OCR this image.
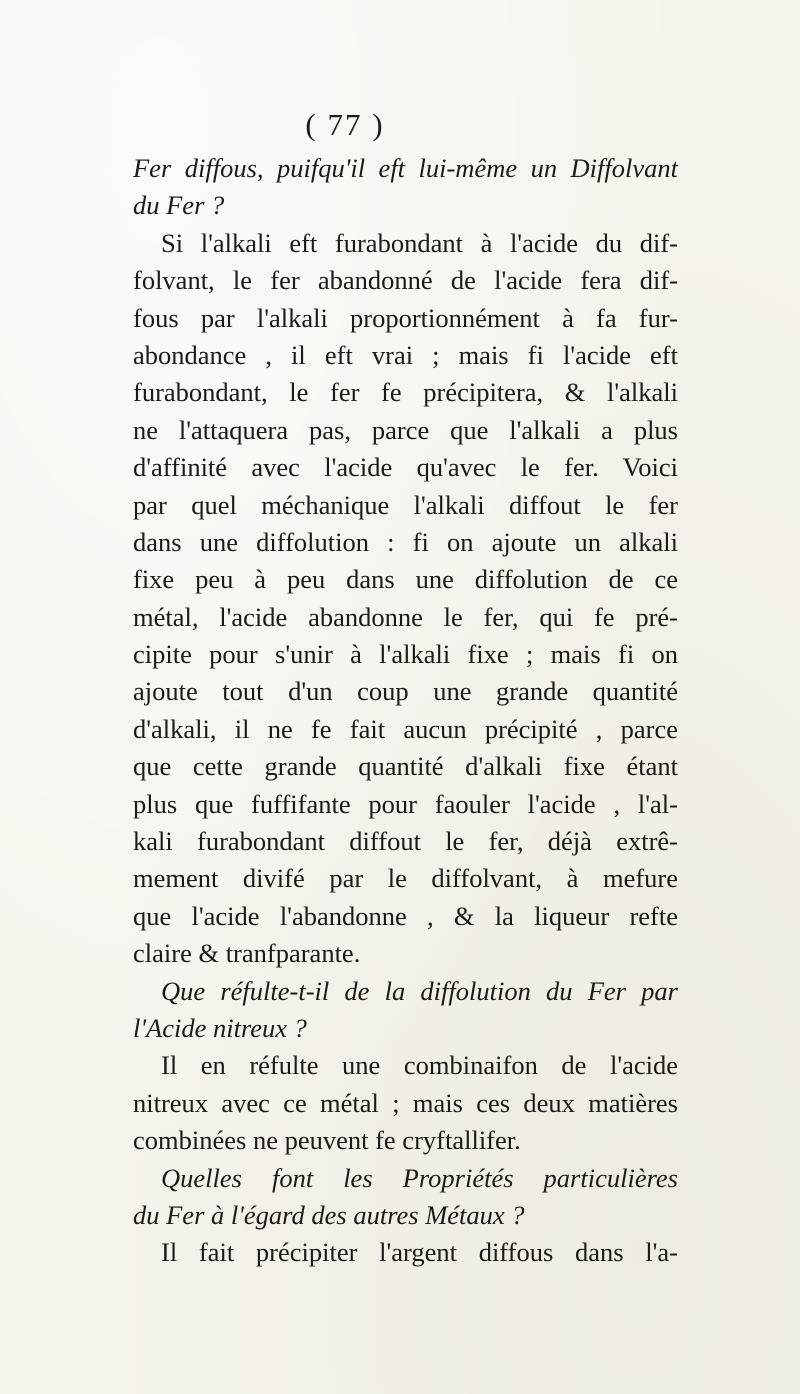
( 77 )
Fer diffous, puifqu'il eft lui-même un Diffolvant
du Fer ?
Si l'alkali eft furabondant à l'acide du dif-
folvant, le fer abandonné de l'acide fera dif-
fous par l'alkali proportionnément à fa fur-
abondance , il eft vrai ; mais fi l'acide eft
furabondant, le fer fe précipitera, & l'alkali
ne l'attaquera pas, parce que l'alkali a plus
d'affinité avec l'acide qu'avec le fer. Voici
par quel méchanique l'alkali diffout le fer
dans une diffolution : fi on ajoute un alkali
fixe peu à peu dans une diffolution de ce
métal, l'acide abandonne le fer, qui fe pré-
cipite pour s'unir à l'alkali fixe ; mais fi on
ajoute tout d'un coup une grande quantité
d'alkali, il ne fe fait aucun précipité , parce
que cette grande quantité d'alkali fixe étant
plus que fuffifante pour faouler l'acide , l'al-
kali furabondant diffout le fer, déjà extrê-
mement divifé par le diffolvant, à mefure
que l'acide l'abandonne , & la liqueur refte
claire & tranfparante.
Que réfulte-t-il de la diffolution du Fer par
l'Acide nitreux ?
Il en réfulte une combinaifon de l'acide
nitreux avec ce métal ; mais ces deux matières
combinées ne peuvent fe cryftallifer.
Quelles font les Propriétés particulières
du Fer à l'égard des autres Métaux ?
Il fait précipiter l'argent diffous dans l'a-
